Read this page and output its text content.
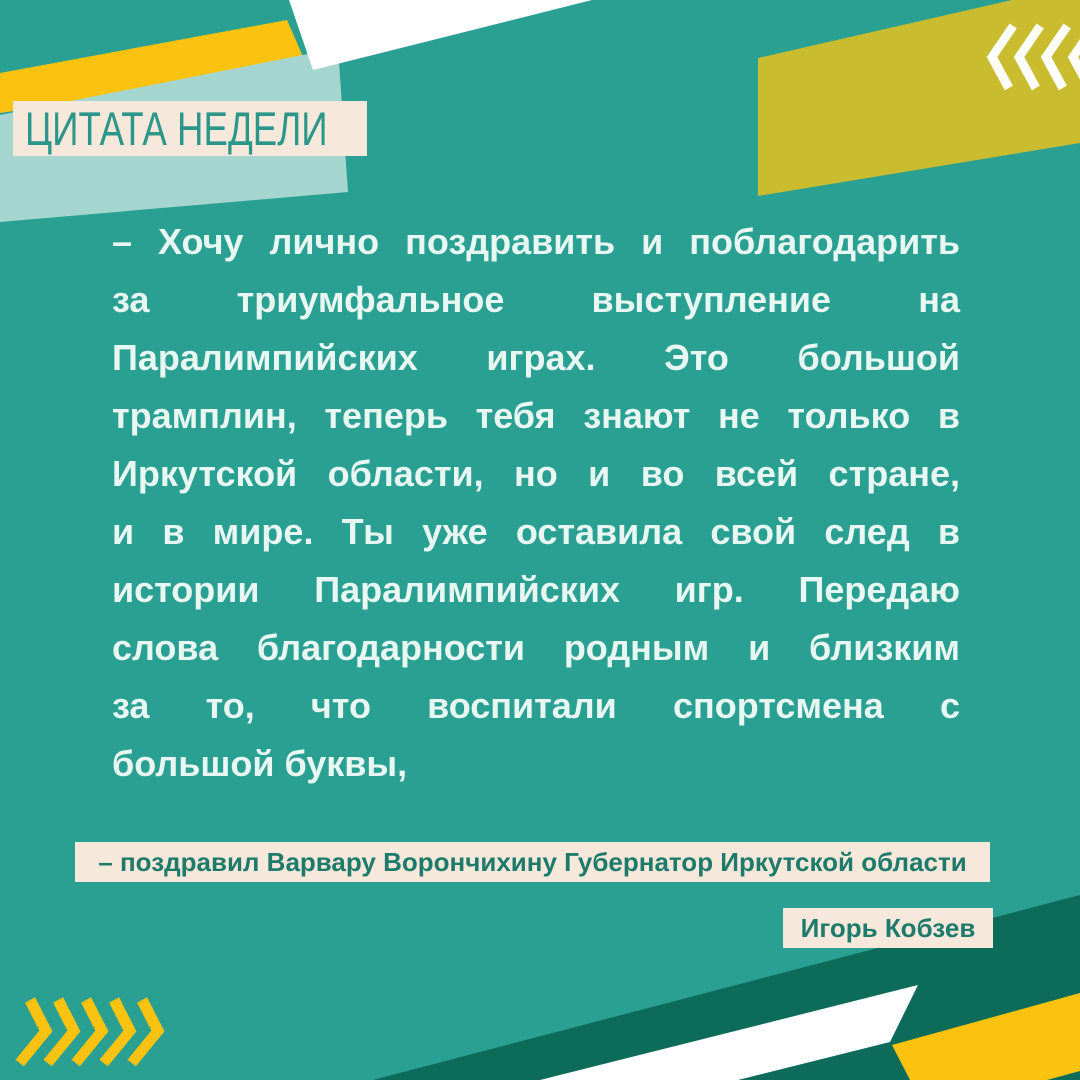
ЦИТАТА НЕДЕЛИ
– Хочу лично поздравить и поблагодарить
за триумфальное выступление на
Паралимпийских играх. Это большой
трамплин, теперь тебя знают не только в
Иркутской области, но и во всей стране,
и в мире. Ты уже оставила свой след в
истории Паралимпийских игр. Передаю
слова благодарности родным и близким
за то, что воспитали спортсмена с
большой буквы,
– поздравил Варвару Ворончихину Губернатор Иркутской области
Игорь Кобзев
